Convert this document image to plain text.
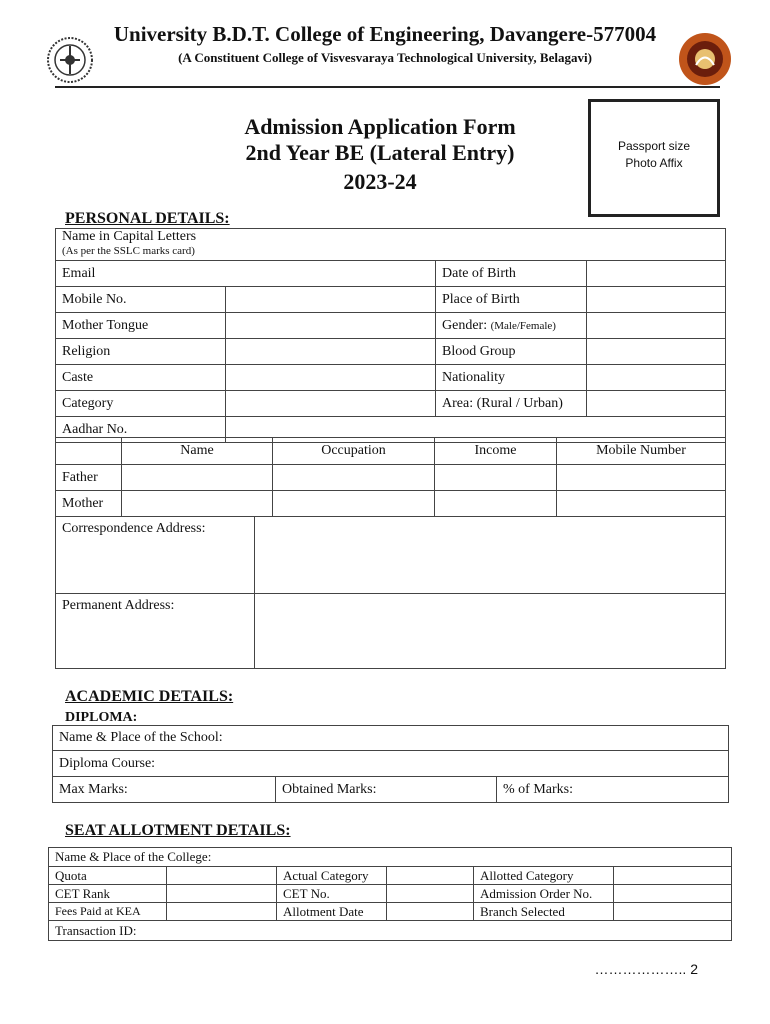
University B.D.T. College of Engineering, Davangere-577004
(A Constituent College of Visvesvaraya Technological University, Belagavi)
Admission Application Form
2nd Year BE (Lateral Entry)
2023-24
Passport size
Photo Affix
PERSONAL DETAILS:
Name in Capital Letters
(As per the SSLC marks card)			

Email		Date of Birth	
Mobile No.		Place of Birth	
Mother Tongue		Gender: (Male/Female)	
Religion		Blood Group	
Caste		Nationality	
Category		Area: (Rural / Urban)	
Aadhar No.			
	Name	Occupation	Income	Mobile Number
Father				
Mother				
Correspondence Address:	
Permanent Address:	
ACADEMIC DETAILS:
DIPLOMA:
Name & Place of the School:
Diploma Course:
Max Marks:	Obtained Marks:	% of Marks:
SEAT ALLOTMENT DETAILS:
Name & Place of the College:					
Quota		Actual Category		Allotted Category	
CET Rank		CET No.		Admission Order No.	
Fees Paid at KEA		Allotment Date		Branch Selected	
Transaction ID:					
……………….. 2
